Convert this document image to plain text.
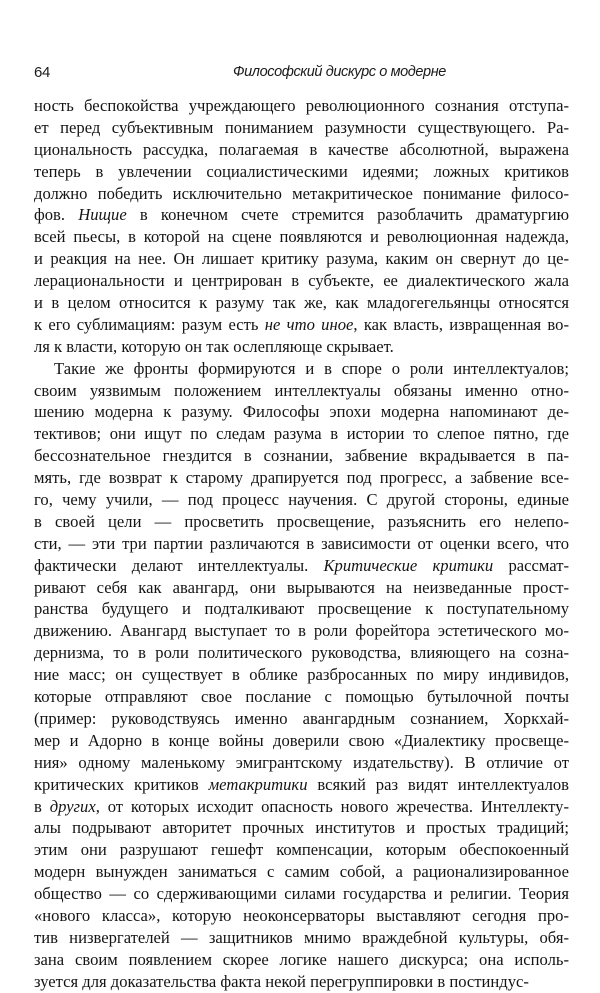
64	Философский дискурс о модерне
ность беспокойства учреждающего революционного сознания отступа-
ет перед субъективным пониманием разумности существующего. Ра-
циональность рассудка, полагаемая в качестве абсолютной, выражена
теперь в увлечении социалистическими идеями; ложных критиков
должно победить исключительно метакритическое понимание филосо-
фов. Нищие в конечном счете стремится разоблачить драматургию
всей пьесы, в которой на сцене появляются и революционная надежда,
и реакция на нее. Он лишает критику разума, каким он свернут до це-
лерациональности и центрирован в субъекте, ее диалектического жала
и в целом относится к разуму так же, как младогегельянцы относятся
к его сублимациям: разум есть не что иное, как власть, извращенная во-
ля к власти, которую он так ослепляюще скрывает.
Такие же фронты формируются и в споре о роли интеллектуалов;
своим уязвимым положением интеллектуалы обязаны именно отно-
шению модерна к разуму. Философы эпохи модерна напоминают де-
тективов; они ищут по следам разума в истории то слепое пятно, где
бессознательное гнездится в сознании, забвение вкрадывается в па-
мять, где возврат к старому драпируется под прогресс, а забвение все-
го, чему учили, — под процесс научения. С другой стороны, единые
в своей цели — просветить просвещение, разъяснить его нелепо-
сти, — эти три партии различаются в зависимости от оценки всего, что
фактически делают интеллектуалы. Критические критики рассмат-
ривают себя как авангард, они вырываются на неизведанные прост-
ранства будущего и подталкивают просвещение к поступательному
движению. Авангард выступает то в роли форейтора эстетического мо-
дернизма, то в роли политического руководства, влияющего на созна-
ние масс; он существует в облике разбросанных по миру индивидов,
которые отправляют свое послание с помощью бутылочной почты
(пример: руководствуясь именно авангардным сознанием, Хоркхай-
мер и Адорно в конце войны доверили свою «Диалектику просвеще-
ния» одному маленькому эмигрантскому издательству). В отличие от
критических критиков метакритики всякий раз видят интеллектуалов
в других, от которых исходит опасность нового жречества. Интеллекту-
алы подрывают авторитет прочных институтов и простых традиций;
этим они разрушают гешефт компенсации, которым обеспокоенный
модерн вынужден заниматься с самим собой, а рационализированное
общество — со сдерживающими силами государства и религии. Теория
«нового класса», которую неоконсерваторы выставляют сегодня про-
тив низвергателей — защитников мнимо враждебной культуры, обя-
зана своим появлением скорее логике нашего дискурса; она исполь-
зуется для доказательства факта некой перегруппировки в постиндус-
